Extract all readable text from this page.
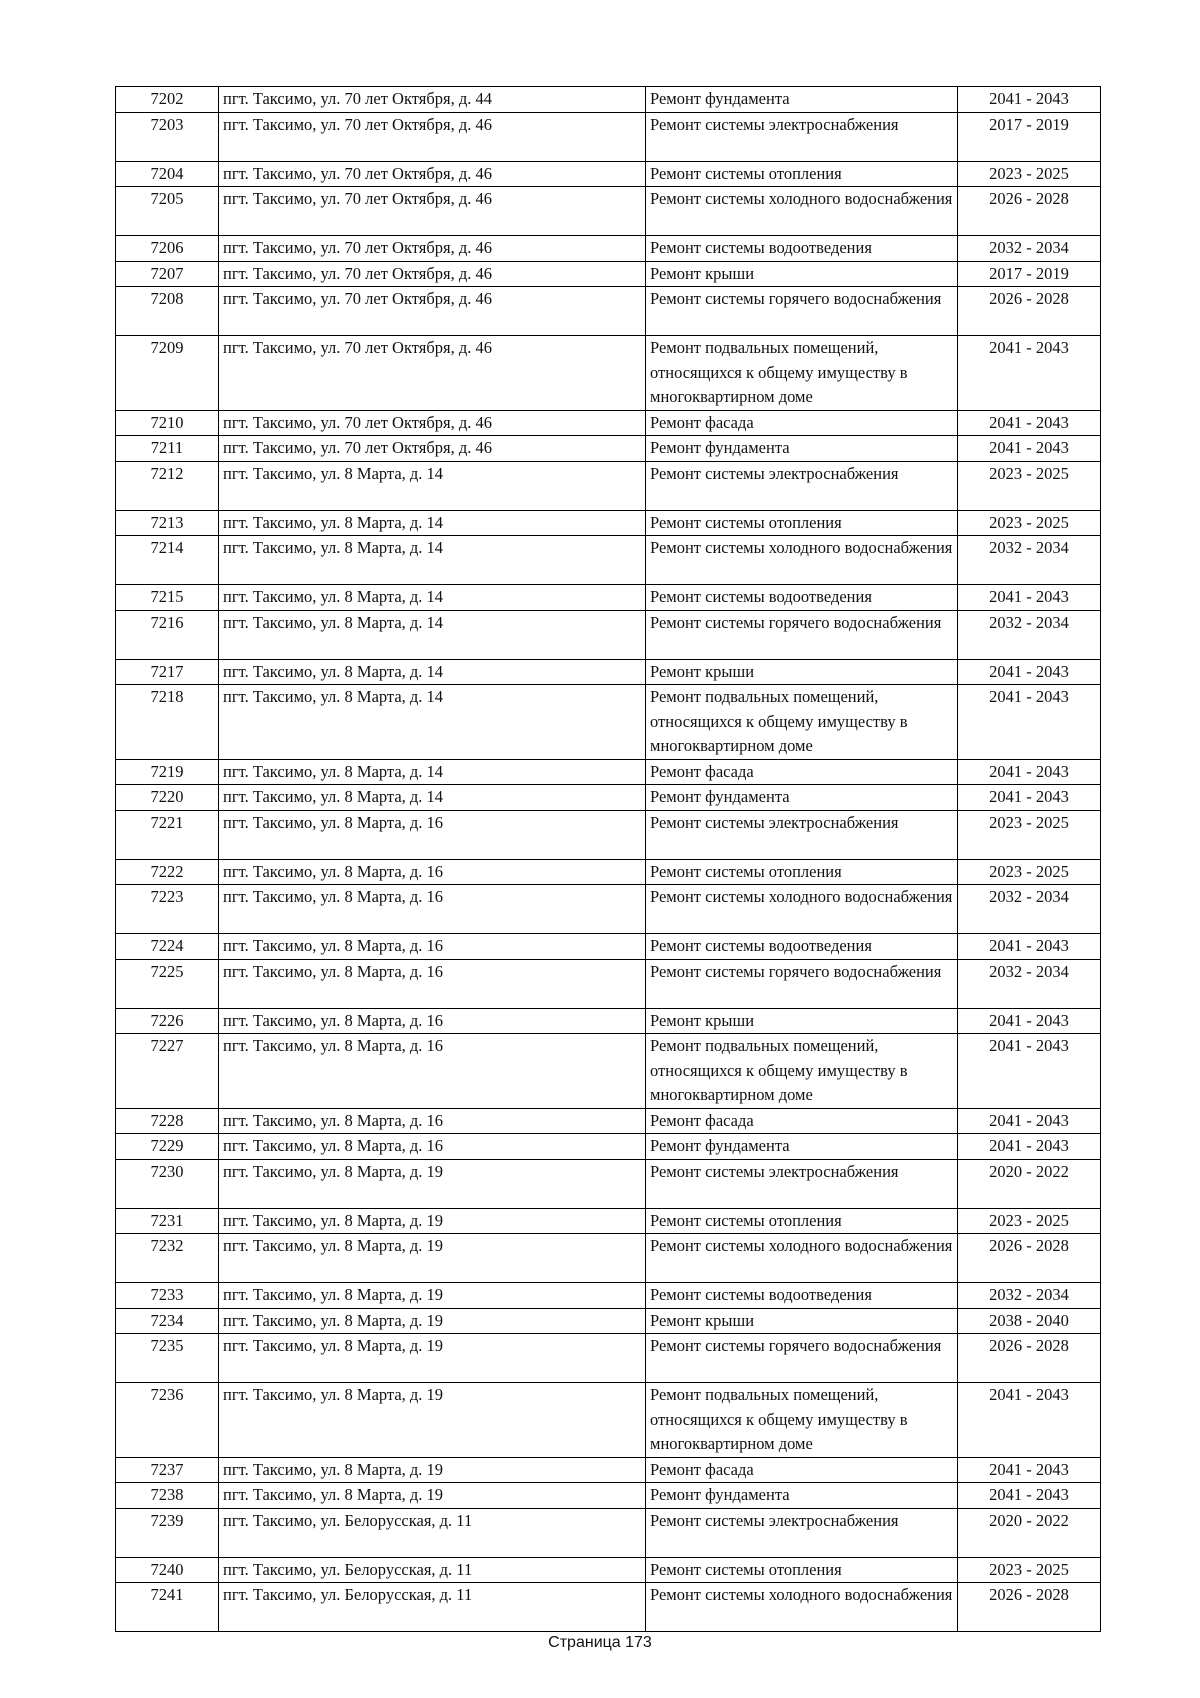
7202	пгт. Таксимо, ул. 70 лет Октября, д. 44	Ремонт фундамента	2041 - 2043
7203	пгт. Таксимо, ул. 70 лет Октября, д. 46	Ремонт системы электроснабжения	2017 - 2019
7204	пгт. Таксимо, ул. 70 лет Октября, д. 46	Ремонт системы отопления	2023 - 2025
7205	пгт. Таксимо, ул. 70 лет Октября, д. 46	Ремонт системы холодного водоснабжения	2026 - 2028
7206	пгт. Таксимо, ул. 70 лет Октября, д. 46	Ремонт системы водоотведения	2032 - 2034
7207	пгт. Таксимо, ул. 70 лет Октября, д. 46	Ремонт крыши	2017 - 2019
7208	пгт. Таксимо, ул. 70 лет Октября, д. 46	Ремонт системы горячего водоснабжения	2026 - 2028
7209	пгт. Таксимо, ул. 70 лет Октября, д. 46	Ремонт подвальных помещений, относящихся к общему имуществу в многоквартирном доме	2041 - 2043
7210	пгт. Таксимо, ул. 70 лет Октября, д. 46	Ремонт фасада	2041 - 2043
7211	пгт. Таксимо, ул. 70 лет Октября, д. 46	Ремонт фундамента	2041 - 2043
7212	пгт. Таксимо, ул. 8 Марта, д. 14	Ремонт системы электроснабжения	2023 - 2025
7213	пгт. Таксимо, ул. 8 Марта, д. 14	Ремонт системы отопления	2023 - 2025
7214	пгт. Таксимо, ул. 8 Марта, д. 14	Ремонт системы холодного водоснабжения	2032 - 2034
7215	пгт. Таксимо, ул. 8 Марта, д. 14	Ремонт системы водоотведения	2041 - 2043
7216	пгт. Таксимо, ул. 8 Марта, д. 14	Ремонт системы горячего водоснабжения	2032 - 2034
7217	пгт. Таксимо, ул. 8 Марта, д. 14	Ремонт крыши	2041 - 2043
7218	пгт. Таксимо, ул. 8 Марта, д. 14	Ремонт подвальных помещений, относящихся к общему имуществу в многоквартирном доме	2041 - 2043
7219	пгт. Таксимо, ул. 8 Марта, д. 14	Ремонт фасада	2041 - 2043
7220	пгт. Таксимо, ул. 8 Марта, д. 14	Ремонт фундамента	2041 - 2043
7221	пгт. Таксимо, ул. 8 Марта, д. 16	Ремонт системы электроснабжения	2023 - 2025
7222	пгт. Таксимо, ул. 8 Марта, д. 16	Ремонт системы отопления	2023 - 2025
7223	пгт. Таксимо, ул. 8 Марта, д. 16	Ремонт системы холодного водоснабжения	2032 - 2034
7224	пгт. Таксимо, ул. 8 Марта, д. 16	Ремонт системы водоотведения	2041 - 2043
7225	пгт. Таксимо, ул. 8 Марта, д. 16	Ремонт системы горячего водоснабжения	2032 - 2034
7226	пгт. Таксимо, ул. 8 Марта, д. 16	Ремонт крыши	2041 - 2043
7227	пгт. Таксимо, ул. 8 Марта, д. 16	Ремонт подвальных помещений, относящихся к общему имуществу в многоквартирном доме	2041 - 2043
7228	пгт. Таксимо, ул. 8 Марта, д. 16	Ремонт фасада	2041 - 2043
7229	пгт. Таксимо, ул. 8 Марта, д. 16	Ремонт фундамента	2041 - 2043
7230	пгт. Таксимо, ул. 8 Марта, д. 19	Ремонт системы электроснабжения	2020 - 2022
7231	пгт. Таксимо, ул. 8 Марта, д. 19	Ремонт системы отопления	2023 - 2025
7232	пгт. Таксимо, ул. 8 Марта, д. 19	Ремонт системы холодного водоснабжения	2026 - 2028
7233	пгт. Таксимо, ул. 8 Марта, д. 19	Ремонт системы водоотведения	2032 - 2034
7234	пгт. Таксимо, ул. 8 Марта, д. 19	Ремонт крыши	2038 - 2040
7235	пгт. Таксимо, ул. 8 Марта, д. 19	Ремонт системы горячего водоснабжения	2026 - 2028
7236	пгт. Таксимо, ул. 8 Марта, д. 19	Ремонт подвальных помещений, относящихся к общему имуществу в многоквартирном доме	2041 - 2043
7237	пгт. Таксимо, ул. 8 Марта, д. 19	Ремонт фасада	2041 - 2043
7238	пгт. Таксимо, ул. 8 Марта, д. 19	Ремонт фундамента	2041 - 2043
7239	пгт. Таксимо, ул. Белорусская, д. 11	Ремонт системы электроснабжения	2020 - 2022
7240	пгт. Таксимо, ул. Белорусская, д. 11	Ремонт системы отопления	2023 - 2025
7241	пгт. Таксимо, ул. Белорусская, д. 11	Ремонт системы холодного водоснабжения	2026 - 2028
Страница 173
